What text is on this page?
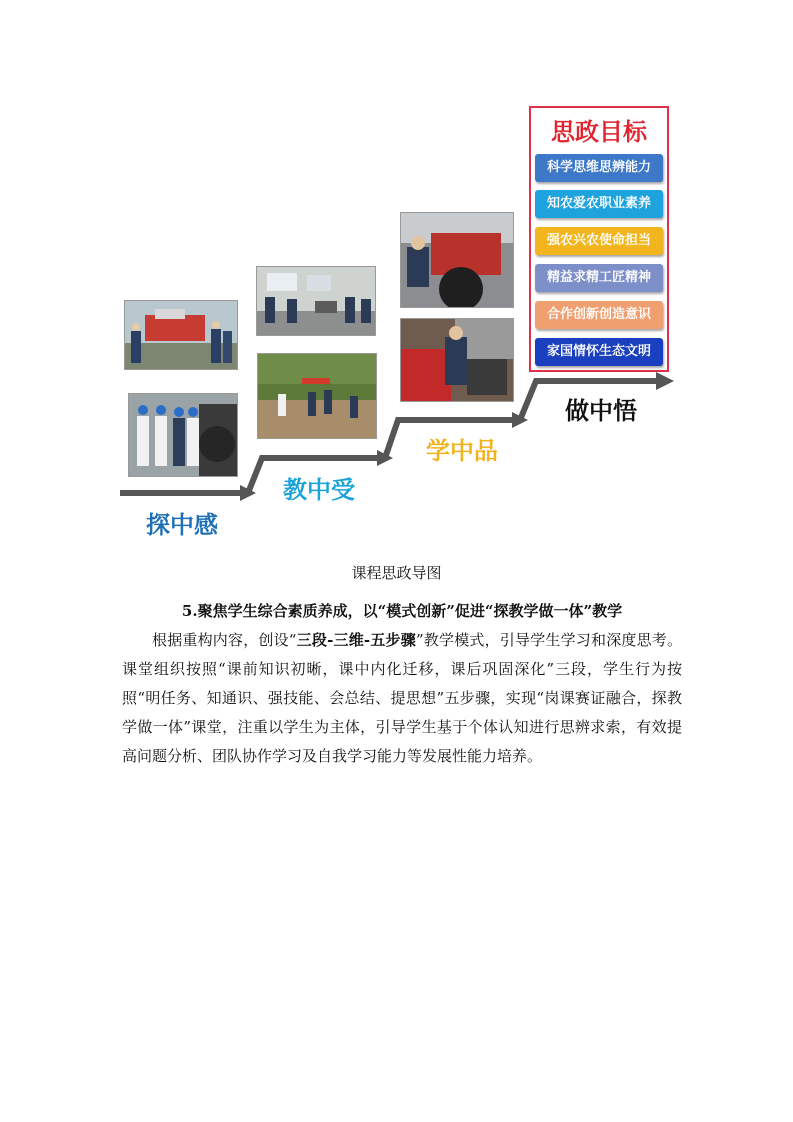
探中感
教中受
学中品
做中悟
思政目标
科学思维思辨能力
知农爱农职业素养
强农兴农使命担当
精益求精工匠精神
合作创新创造意识
家国情怀生态文明
课程思政导图
5.聚焦学生综合素质养成，以“模式创新”促进“探教学做一体”教学
根据重构内容，创设“三段-三维-五步骤”教学模式，引导学生学习和深度思考。课堂组织按照“课前知识初晰，课中内化迁移，课后巩固深化”三段，学生行为按照“明任务、知通识、强技能、会总结、提思想”五步骤，实现“岗课赛证融合，探教学做一体”课堂，注重以学生为主体，引导学生基于个体认知进行思辨求索，有效提高问题分析、团队协作学习及自我学习能力等发展性能力培养。
